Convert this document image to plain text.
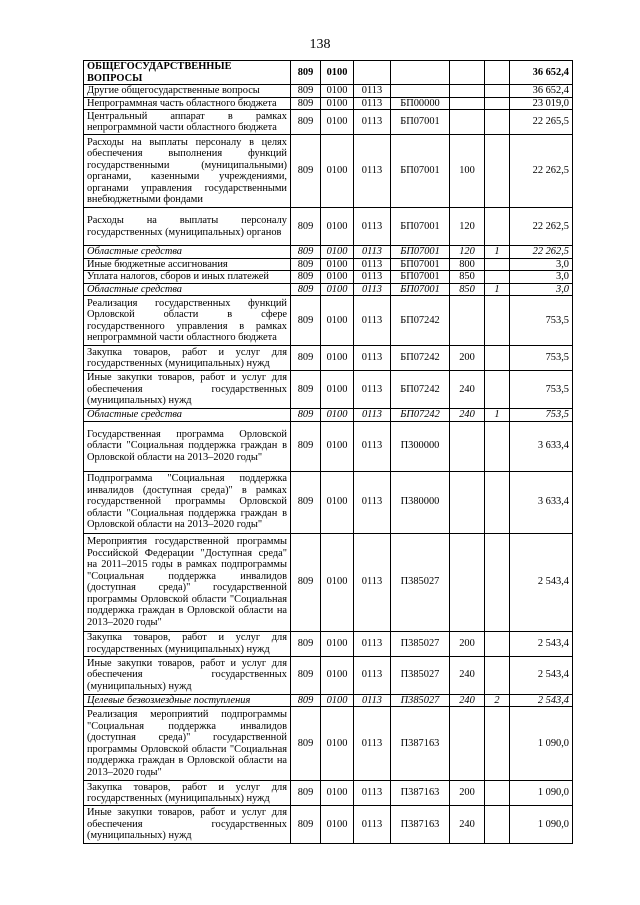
138
ОБЩЕГОСУДАРСТВЕННЫЕ ВОПРОСЫ	809	0100					36 652,4
Другие общегосударственные вопросы	809	0100	0113				36 652,4
Непрограммная часть областного бюджета	809	0100	0113	БП00000			23 019,0
Центральный аппарат в рамках непрограммной части областного бюджета	809	0100	0113	БП07001			22 265,5
Расходы на выплаты персоналу в целях обеспечения выполнения функций государственными (муниципальными) органами, казенными учреждениями, органами управления государственными внебюджетными фондами	809	0100	0113	БП07001	100		22 262,5
Расходы на выплаты персоналу государственных (муниципальных) органов	809	0100	0113	БП07001	120		22 262,5
Областные средства	809	0100	0113	БП07001	120	1	22 262,5
Иные бюджетные ассигнования	809	0100	0113	БП07001	800		3,0
Уплата налогов, сборов и иных платежей	809	0100	0113	БП07001	850		3,0
Областные средства	809	0100	0113	БП07001	850	1	3,0
Реализация государственных функций Орловской области в сфере государственного управления в рамках непрограммной части областного бюджета	809	0100	0113	БП07242			753,5
Закупка товаров, работ и услуг для государственных (муниципальных) нужд	809	0100	0113	БП07242	200		753,5
Иные закупки товаров, работ и услуг для обеспечения государственных (муниципальных) нужд	809	0100	0113	БП07242	240		753,5
Областные средства	809	0100	0113	БП07242	240	1	753,5
Государственная программа Орловской области "Социальная поддержка граждан в Орловской области на 2013–2020 годы"	809	0100	0113	П300000			3 633,4
Подпрограмма "Социальная поддержка инвалидов (доступная среда)" в рамках государственной программы Орловской области "Социальная поддержка граждан в Орловской области на 2013–2020 годы"	809	0100	0113	П380000			3 633,4
Мероприятия государственной программы Российской Федерации "Доступная среда" на 2011–2015 годы в рамках подпрограммы "Социальная поддержка инвалидов (доступная среда)" государственной программы Орловской области "Социальная поддержка граждан в Орловской области на 2013–2020 годы"	809	0100	0113	П385027			2 543,4
Закупка товаров, работ и услуг для государственных (муниципальных) нужд	809	0100	0113	П385027	200		2 543,4
Иные закупки товаров, работ и услуг для обеспечения государственных (муниципальных) нужд	809	0100	0113	П385027	240		2 543,4
Целевые безвозмездные поступления	809	0100	0113	П385027	240	2	2 543,4
Реализация мероприятий подпрограммы "Социальная поддержка инвалидов (доступная среда)" государственной программы Орловской области "Социальная поддержка граждан в Орловской области на 2013–2020 годы"	809	0100	0113	П387163			1 090,0
Закупка товаров, работ и услуг для государственных (муниципальных) нужд	809	0100	0113	П387163	200		1 090,0
Иные закупки товаров, работ и услуг для обеспечения государственных (муниципальных) нужд	809	0100	0113	П387163	240		1 090,0
